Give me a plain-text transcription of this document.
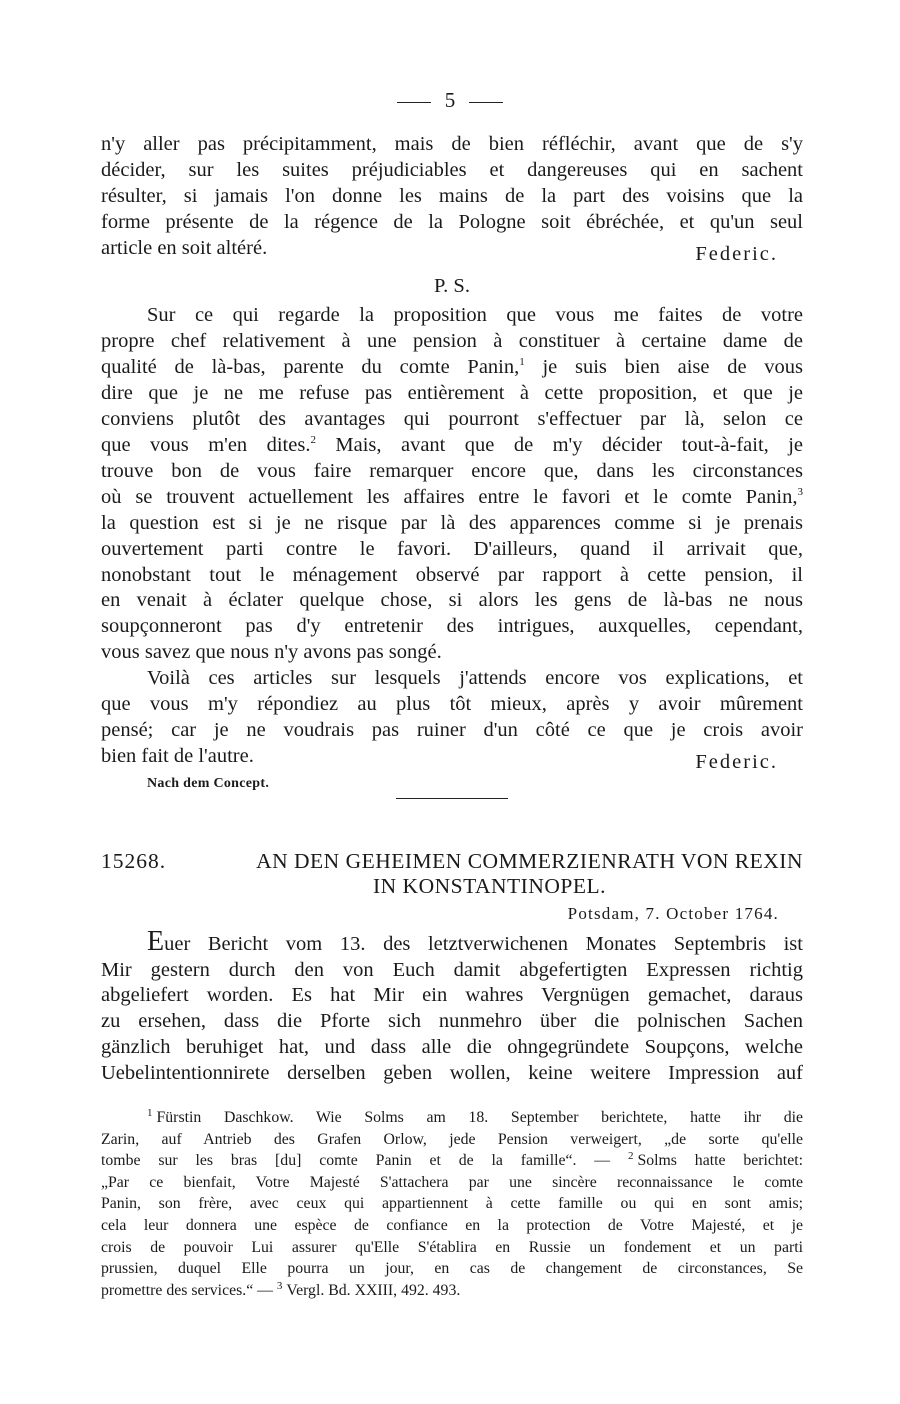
5
n'y aller pas précipitamment, mais de bien réfléchir, avant que de s'y
décider, sur les suites préjudiciables et dangereuses qui en sachent
résulter, si jamais l'on donne les mains de la part des voisins que la
forme présente de la régence de la Pologne soit ébréchée, et qu'un seul
article en soit altéré.	Federic.
P. S.
Sur ce qui regarde la proposition que vous me faites de votre
propre chef relativement à une pension à constituer à certaine dame de
qualité de là-bas, parente du comte Panin,$^1$ je suis bien aise de vous
dire que je ne me refuse pas entièrement à cette proposition, et que je
conviens plutôt des avantages qui pourront s'effectuer par là, selon ce
que vous m'en dites.$^2$ Mais, avant que de m'y décider tout-à-fait, je
trouve bon de vous faire remarquer encore que, dans les circonstances
où se trouvent actuellement les affaires entre le favori et le comte Panin,$^3$
la question est si je ne risque par là des apparences comme si je prenais
ouvertement parti contre le favori. D'ailleurs, quand il arrivait que,
nonobstant tout le ménagement observé par rapport à cette pension, il
en venait à éclater quelque chose, si alors les gens de là-bas ne nous
soupçonneront pas d'y entretenir des intrigues, auxquelles, cependant,
vous savez que nous n'y avons pas songé.
Voilà ces articles sur lesquels j'attends encore vos explications, et
que vous m'y répondiez au plus tôt mieux, après y avoir mûrement
pensé; car je ne voudrais pas ruiner d'un côté ce que je crois avoir
bien fait de l'autre.	Federic.
Nach dem Concept.
15268.	AN DEN GEHEIMEN COMMERZIENRATH VON REXIN
IN KONSTANTINOPEL.
Potsdam, 7. October 1764.
Euer Bericht vom 13. des letztverwichenen Monates Septembris ist
Mir gestern durch den von Euch damit abgefertigten Expressen richtig
abgeliefert worden. Es hat Mir ein wahres Vergnügen gemachet, daraus
zu ersehen, dass die Pforte sich nunmehro über die polnischen Sachen
gänzlich beruhiget hat, und dass alle die ohngegründete Soupçons, welche
Uebelintentionnirete derselben geben wollen, keine weitere Impression auf
$^1$ Fürstin Daschkow. Wie Solms am 18. September berichtete, hatte ihr die
Zarin, auf Antrieb des Grafen Orlow, jede Pension verweigert, „de sorte qu'elle
tombe sur les bras [du] comte Panin et de la famille“. — $^2$ Solms hatte berichtet:
„Par ce bienfait, Votre Majesté S'attachera par une sincère reconnaissance le comte
Panin, son frère, avec ceux qui appartiennent à cette famille ou qui en sont amis;
cela leur donnera une espèce de confiance en la protection de Votre Majesté, et je
crois de pouvoir Lui assurer qu'Elle S'établira en Russie un fondement et un parti
prussien, duquel Elle pourra un jour, en cas de changement de circonstances, Se
promettre des services.“ — $^3$ Vergl. Bd. XXIII, 492. 493.
